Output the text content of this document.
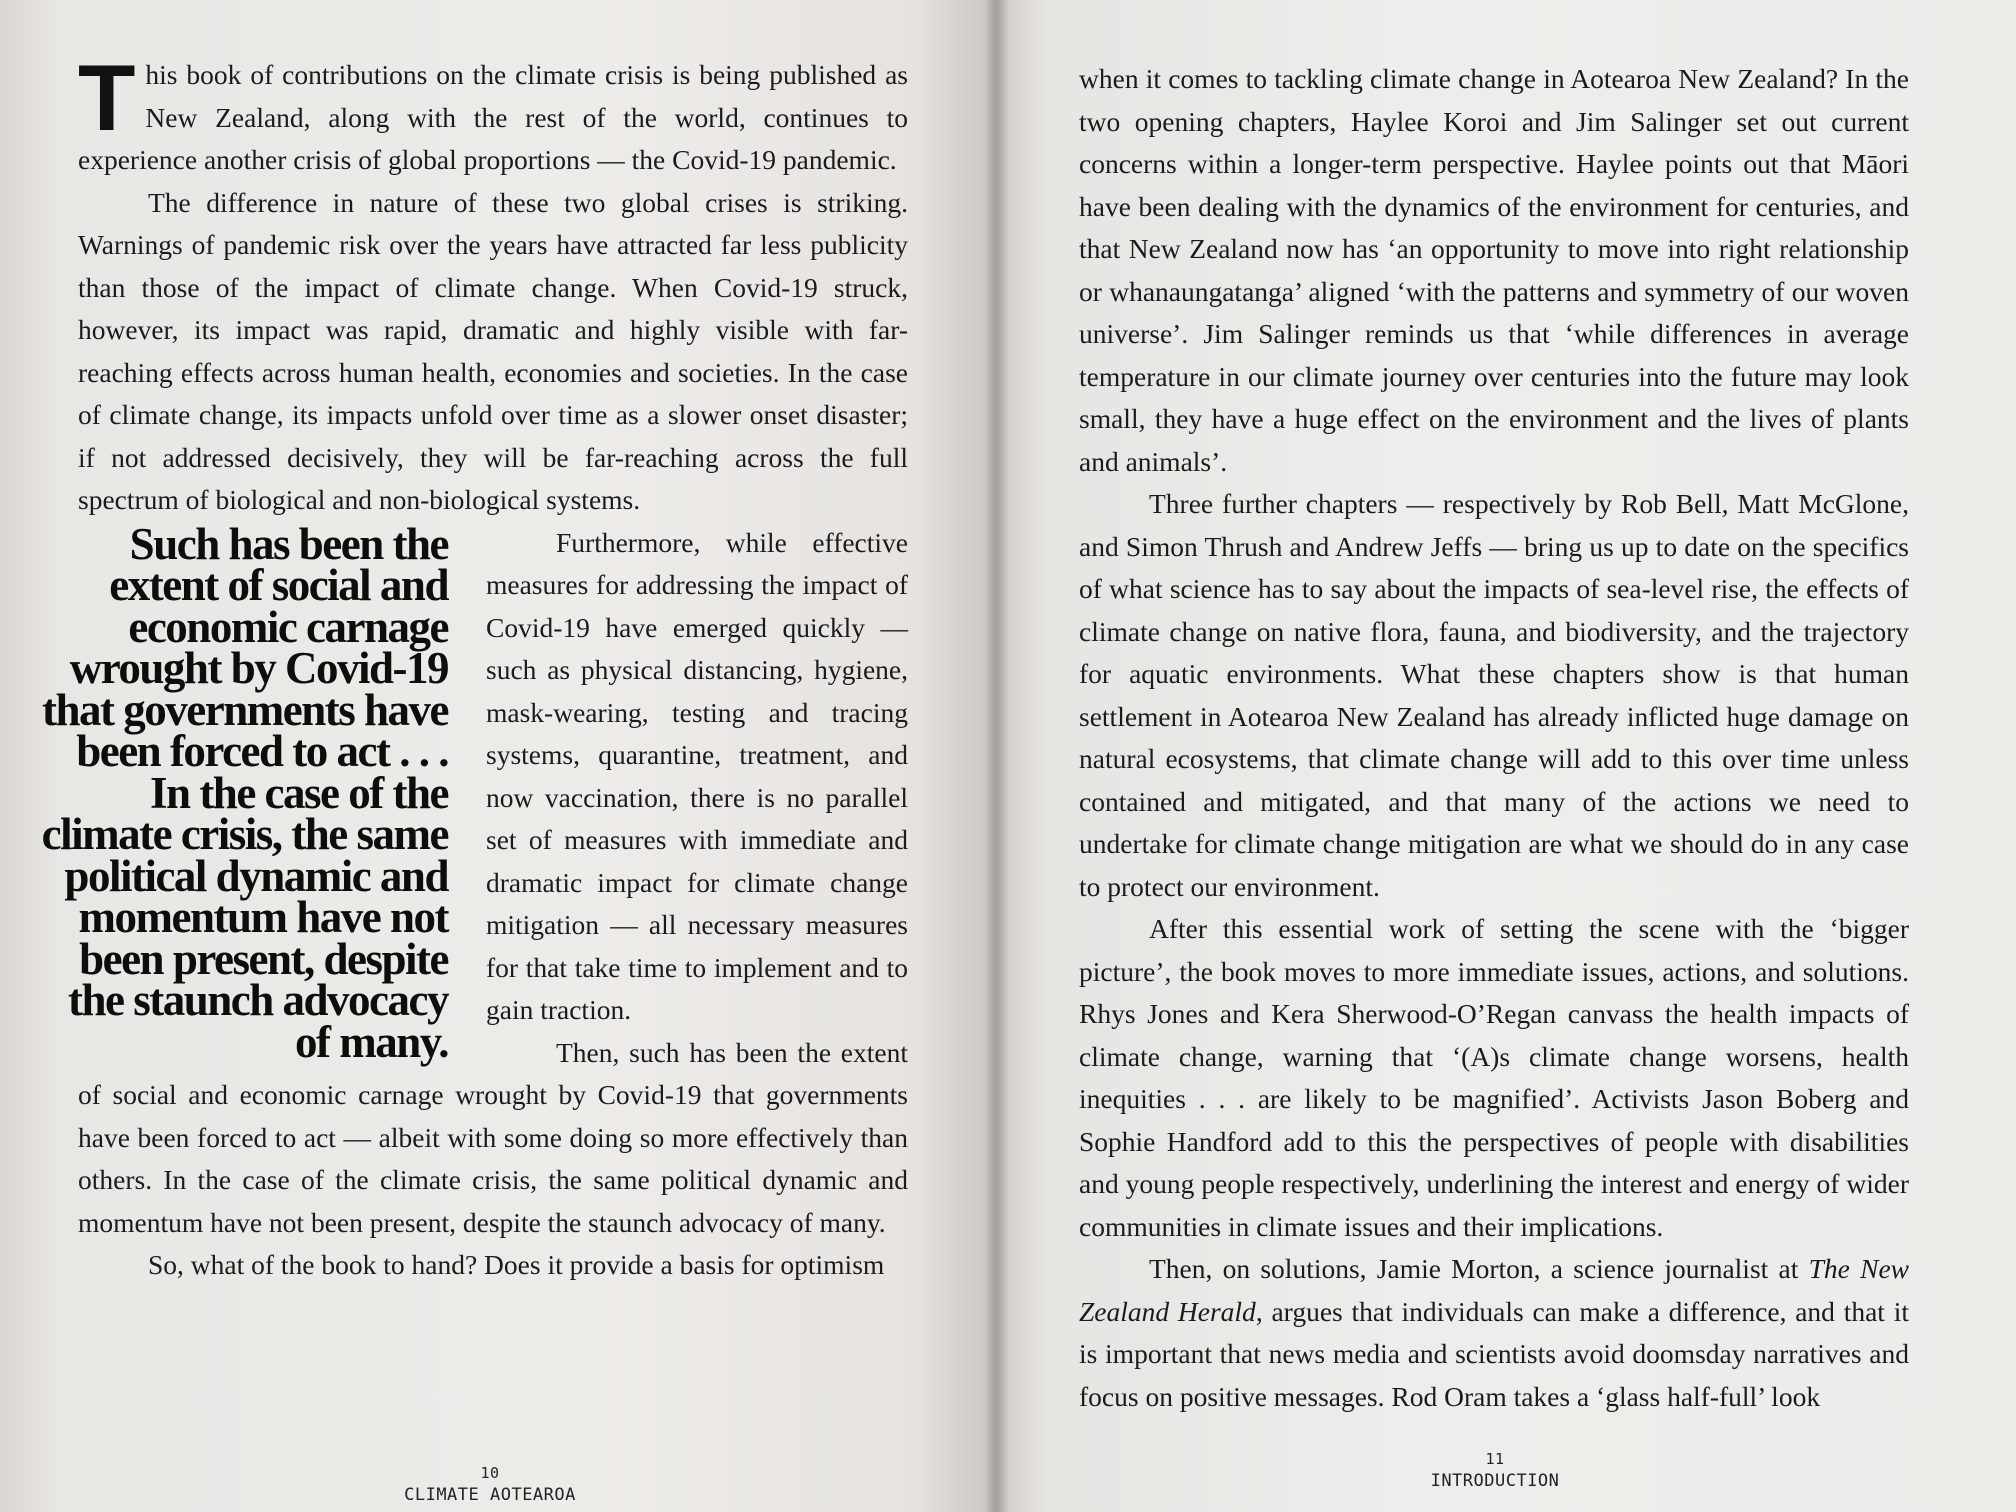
This book of contributions on the climate crisis is being published as New Zealand, along with the rest of the world, continues to experience another crisis of global proportions — the Covid-19 pandemic.

The difference in nature of these two global crises is striking. Warnings of pandemic risk over the years have attracted far less publicity than those of the impact of climate change. When Covid-19 struck, however, its impact was rapid, dramatic and highly visible with far-reaching effects across human health, economies and societies. In the case of climate change, its impacts unfold over time as a slower onset disaster; if not addressed decisively, they will be far-reaching across the full spectrum of biological and non-biological systems.

Such has been the extent of social and economic carnage wrought by Covid-19 that governments have been forced to act . . . In the case of the climate crisis, the same political dynamic and momentum have not been present, despite the staunch advocacy of many.

Furthermore, while effective measures for addressing the impact of Covid-19 have emerged quickly — such as physical distancing, hygiene, mask-wearing, testing and tracing systems, quarantine, treatment, and now vaccination, there is no parallel set of measures with immediate and dramatic impact for climate change mitigation — all necessary measures for that take time to implement and to gain traction.

Then, such has been the extent of social and economic carnage wrought by Covid-19 that governments have been forced to act — albeit with some doing so more effectively than others. In the case of the climate crisis, the same political dynamic and momentum have not been present, despite the staunch advocacy of many.

So, what of the book to hand? Does it provide a basis for optimism

10
CLIMATE AOTEAROA

when it comes to tackling climate change in Aotearoa New Zealand? In the two opening chapters, Haylee Koroi and Jim Salinger set out current concerns within a longer-term perspective. Haylee points out that Māori have been dealing with the dynamics of the environment for centuries, and that New Zealand now has ‘an opportunity to move into right relationship or whanaungatanga’ aligned ‘with the patterns and symmetry of our woven universe’. Jim Salinger reminds us that ‘while differences in average temperature in our climate journey over centuries into the future may look small, they have a huge effect on the environment and the lives of plants and animals’.

Three further chapters — respectively by Rob Bell, Matt McGlone, and Simon Thrush and Andrew Jeffs — bring us up to date on the specifics of what science has to say about the impacts of sea-level rise, the effects of climate change on native flora, fauna, and biodiversity, and the trajectory for aquatic environments. What these chapters show is that human settlement in Aotearoa New Zealand has already inflicted huge damage on natural ecosystems, that climate change will add to this over time unless contained and mitigated, and that many of the actions we need to undertake for climate change mitigation are what we should do in any case to protect our environment.

After this essential work of setting the scene with the ‘bigger picture’, the book moves to more immediate issues, actions, and solutions. Rhys Jones and Kera Sherwood-O’Regan canvass the health impacts of climate change, warning that ‘(A)s climate change worsens, health inequities . . . are likely to be magnified’. Activists Jason Boberg and Sophie Handford add to this the perspectives of people with disabilities and young people respectively, underlining the interest and energy of wider communities in climate issues and their implications.

Then, on solutions, Jamie Morton, a science journalist at The New Zealand Herald, argues that individuals can make a difference, and that it is important that news media and scientists avoid doomsday narratives and focus on positive messages. Rod Oram takes a ‘glass half-full’ look

11
INTRODUCTION
